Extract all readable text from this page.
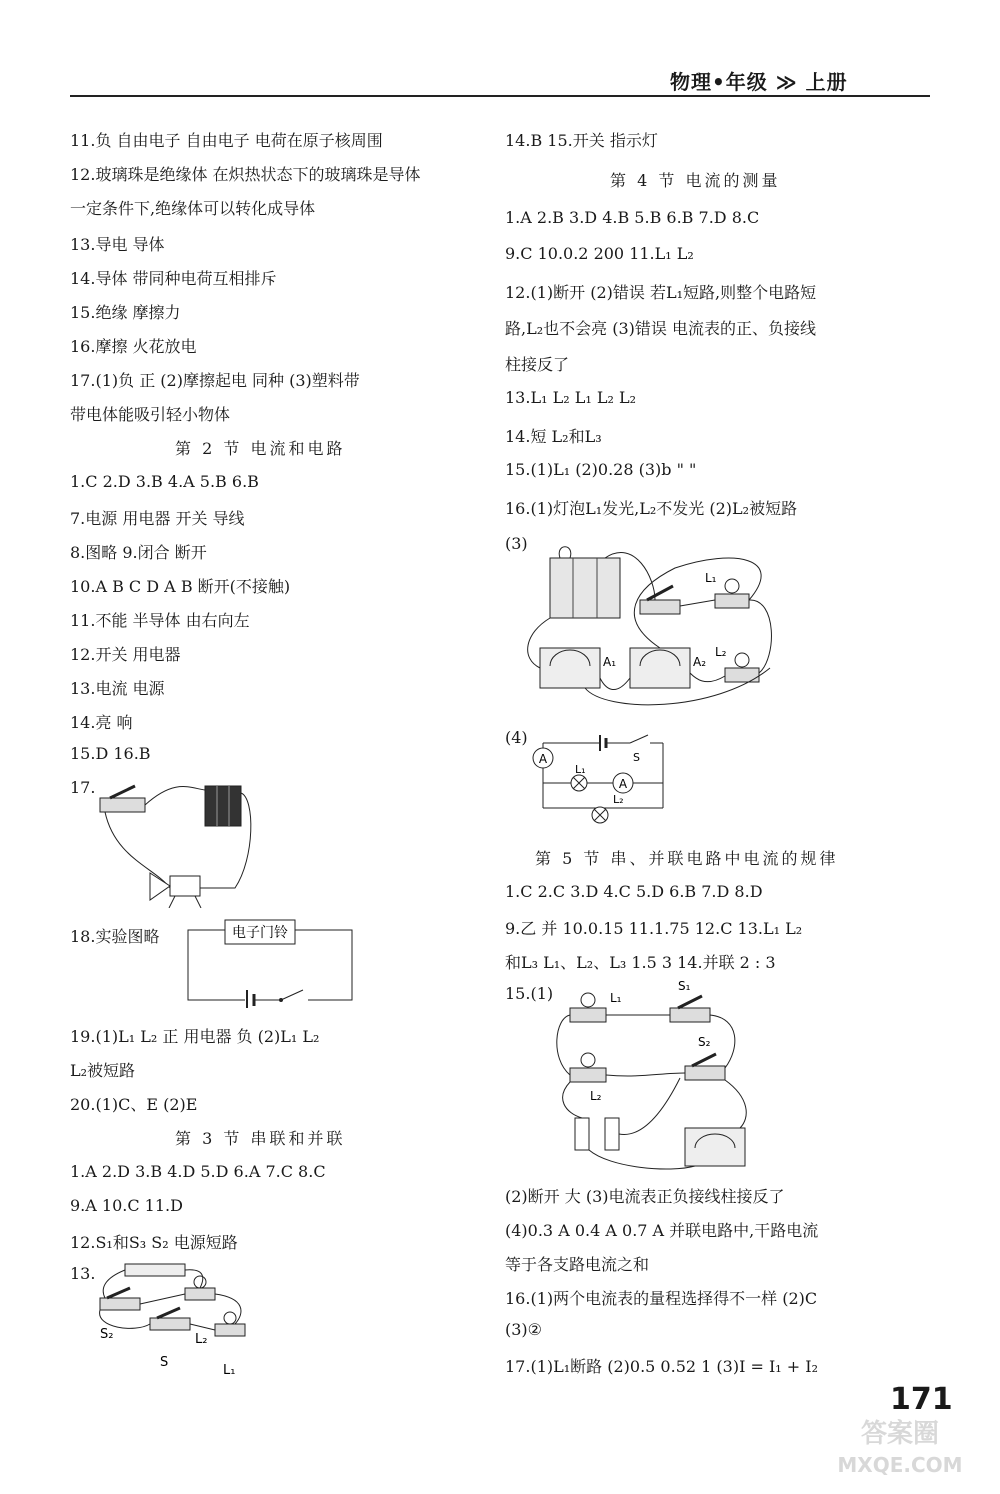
物理•年级 ≫ 上册
11.负 自由电子 自由电子 电荷在原子核周围
12.玻璃珠是绝缘体 在炽热状态下的玻璃珠是导体
一定条件下,绝缘体可以转化成导体
13.导电 导体
14.导体 带同种电荷互相排斥
15.绝缘 摩擦力
16.摩擦 火花放电
17.(1)负 正 (2)摩擦起电 同种 (3)塑料带
带电体能吸引轻小物体
第 2 节 电流和电路
1.C 2.D 3.B 4.A 5.B 6.B
7.电源 用电器 开关 导线
8.图略 9.闭合 断开
10.A B C D A B 断开(不接触)
11.不能 半导体 由右向左
12.开关 用电器
13.电流 电源
14.亮 响
15.D 16.B
17.
18.实验图略	电子门铃
19.(1)L₁ L₂ 正 用电器 负 (2)L₁ L₂
L₂被短路
20.(1)C、E (2)E
第 3 节 串联和并联
1.A 2.D 3.B 4.D 5.D 6.A 7.C 8.C
9.A 10.C 11.D
12.S₁和S₃ S₂ 电源短路
13.
S₂	L₂
S
L₁
14.B 15.开关 指示灯
第 4 节 电流的测量
1.A 2.B 3.D 4.B 5.B 6.B 7.D 8.C
9.C 10.0.2 200 11.L₁ L₂
12.(1)断开 (2)错误 若L₁短路,则整个电路短
路,L₂也不会亮 (3)错误 电流表的正、负接线
柱接反了
13.L₁ L₂ L₁ L₂ L₂
14.短 L₂和L₃
15.(1)L₁ (2)0.28 (3)b " "
16.(1)灯泡L₁发光,L₂不发光 (2)L₂被短路
(3)
L₁
A₁	A₂
L₂
(4)
A
L₁
A
S
L₂
第 5 节 串、并联电路中电流的规律
1.C 2.C 3.D 4.C 5.D 6.B 7.D 8.D
9.乙 并 10.0.15 11.1.75 12.C 13.L₁ L₂
和L₃ L₁、L₂、L₃ 1.5 3 14.并联 2 : 3
15.(1)	L₁
S₁
L₂
S₂
(2)断开 大 (3)电流表正负接线柱接反了
(4)0.3 A 0.4 A 0.7 A 并联电路中,干路电流
等于各支路电流之和
16.(1)两个电流表的量程选择得不一样 (2)C
(3)②
17.(1)L₁断路 (2)0.5 0.52 1 (3)I = I₁ + I₂
171
答案圈
MXQE.COM
